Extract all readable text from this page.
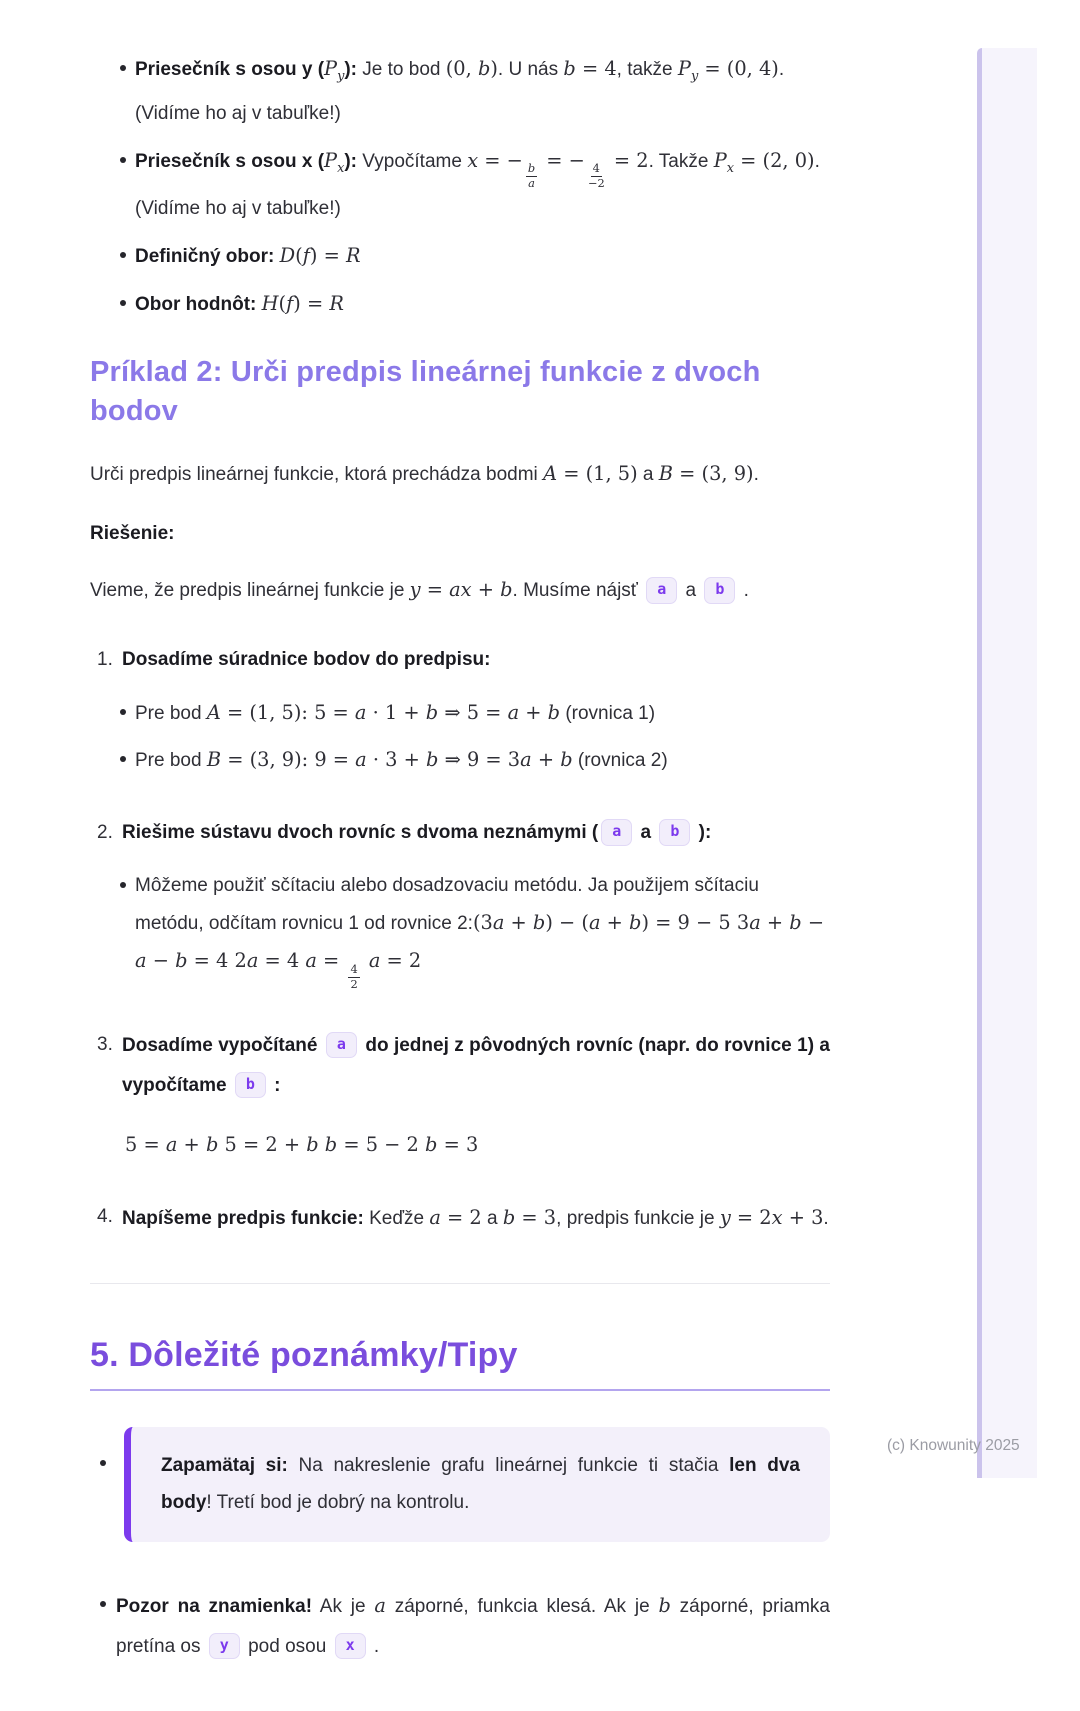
Priesečník s osou y $(P_y)$: Je to bod (0, b). U nás b = 4, takže $P_y = (0$, 4). (Vidíme ho aj v tabuľke!)
Priesečník s osou x $(P_x)$: Vypočítame x = −
$\frac{b}{a}$
= −
$\frac{4}{-2}$
= 2. Takže $P_x = (2$, 0). (Vidíme ho aj v tabuľke!)
Definičný obor: D(f) = R
Obor hodnôt: H(f) = R
Príklad 2: Urči predpis lineárnej funkcie z dvoch bodov

Urči predpis lineárnej funkcie, ktorá prechádza bodmi A = (1, 5) a B = (3, 9).

Riešenie:

Vieme, že predpis lineárnej funkcie je y = ax + b. Musíme nájsť a a b .

1. Dosadíme súradnice bodov do predpisu:
Pre bod A = (1, 5): 5 = a · 1 + b ⇒ 5 = a + b (rovnica 1)
Pre bod B = (3, 9): 9 = a · 3 + b ⇒ 9 = 3a + b (rovnica 2)
2. Riešime sústavu dvoch rovníc s dvoma neznámymi ( a a b ):
Môžeme použiť sčítaciu alebo dosadzovaciu metódu. Ja použijem sčítaciu metódu, odčítam rovnicu 1 od rovnice 2:(3a + b) − (a + b) = 9 − 5 3a + b − a − b = 4 2a = 4 a =
$\frac{4}{2}$
a = 2
3. Dosadíme vypočítané a do jednej z pôvodných rovníc (napr. do rovnice 1) a vypočítame b :
5 = a + b 5 = 2 + b b = 5 − 2 b = 3
4. Napíšeme predpis funkcie: Keďže a = 2 a b = 3, predpis funkcie je y = 2x + 3.
5. Dôležité poznámky/Tipy
Zapamätaj si: Na nakreslenie grafu lineárnej funkcie ti stačia len dva body! Tretí bod je dobrý na kontrolu.
Pozor na znamienka! Ak je a záporné, funkcia klesá. Ak je b záporné, priamka pretína os y pod osou x .
(c) Knowunity 2025
